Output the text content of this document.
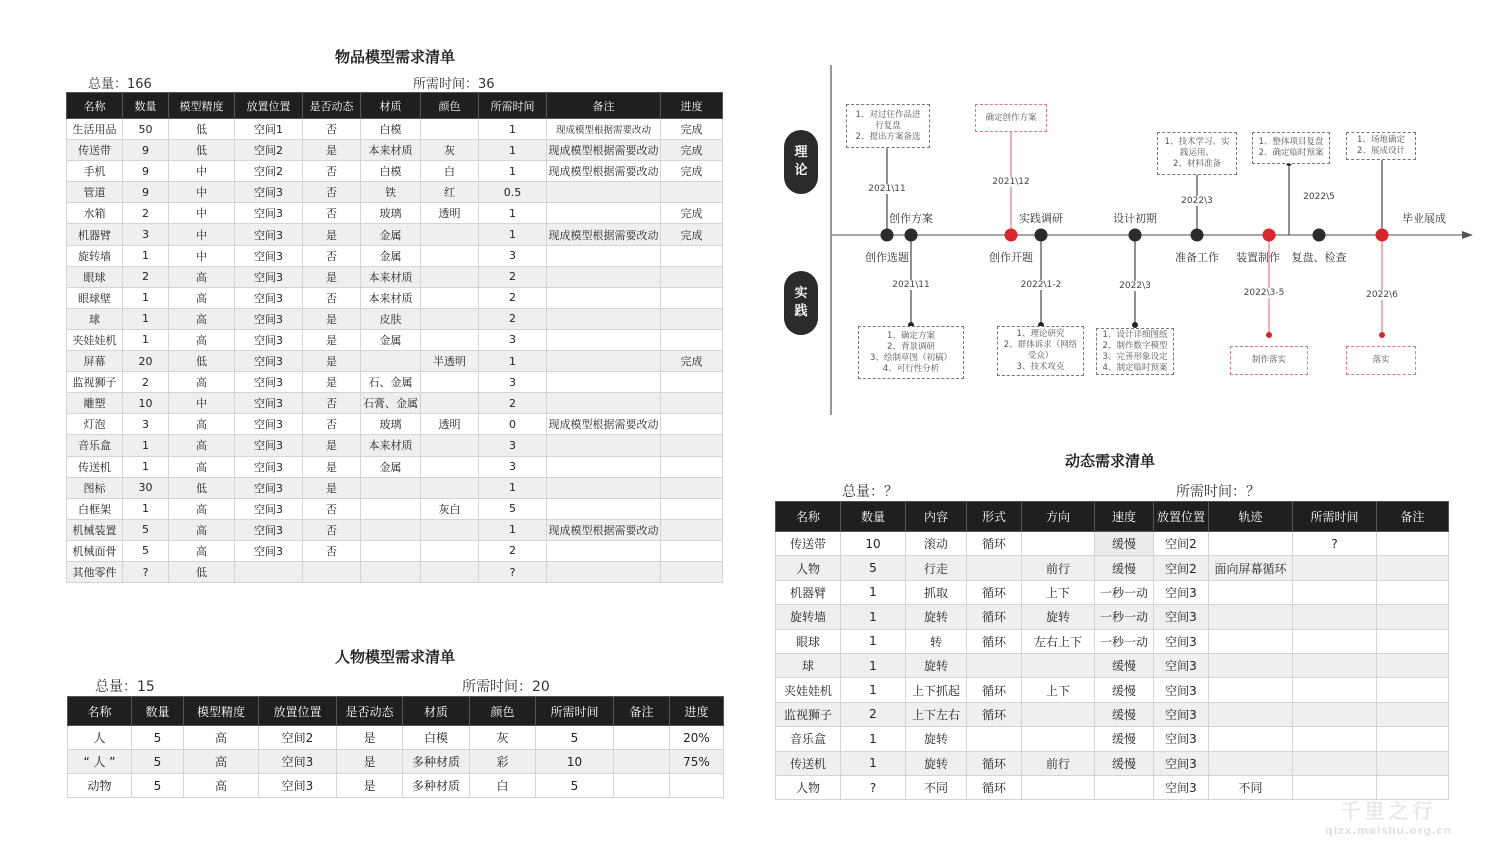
物品模型需求清单
总量：166	所需时间：36
名称	数量	模型精度	放置位置	是否动态	材质	颜色	所需时间	备注	进度
生活用品	50	低	空间1	否	白模		1	现成模型根据需要改动	完成
传送带	9	低	空间2	是	本来材质	灰	1	现成模型根据需要改动	完成
手机	9	中	空间2	否	白模	白	1	现成模型根据需要改动	完成
管道	9	中	空间3	否	铁	红	0.5		
水箱	2	中	空间3	否	玻璃	透明	1		完成
机器臂	3	中	空间3	是	金属		1	现成模型根据需要改动	完成
旋转墙	1	中	空间3	否	金属		3		
眼球	2	高	空间3	是	本来材质		2		
眼球壁	1	高	空间3	否	本来材质		2		
球	1	高	空间3	是	皮肤		2		
夹娃娃机	1	高	空间3	是	金属		3		
屏幕	20	低	空间3	是		半透明	1		完成
监视狮子	2	高	空间3	是	石、金属		3		
雕塑	10	中	空间3	否	石膏、金属		2		
灯泡	3	高	空间3	否	玻璃	透明	0	现成模型根据需要改动	
音乐盒	1	高	空间3	是	本来材质		3		
传送机	1	高	空间3	是	金属		3		
图标	30	低	空间3	是			1		
白框架	1	高	空间3	否		灰白	5		
机械装置	5	高	空间3	否			1	现成模型根据需要改动	
机械面骨	5	高	空间3	否			2		
其他零件	?	低					?		
人物模型需求清单
总量：15	所需时间：20
名称	数量	模型精度	放置位置	是否动态	材质	颜色	所需时间	备注	进度
人	5	高	空间2	是	白模	灰	5		20%
“ 人 ”	5	高	空间3	是	多种材质	彩	10		75%
动物	5	高	空间3	是	多种材质	白	5		
动态需求清单
总量：？	所需时间：？
名称	数量	内容	形式	方向	速度	放置位置	轨迹	所需时间	备注
传送带	10	滚动	循环		缓慢	空间2		?	
人物	5	行走		前行	缓慢	空间2	面向屏幕循环		
机器臂	1	抓取	循环	上下	一秒一动	空间3			
旋转墙	1	旋转	循环	旋转	一秒一动	空间3			
眼球	1	转	循环	左右上下	一秒一动	空间3			
球	1	旋转			缓慢	空间3			
夹娃娃机	1	上下抓起	循环	上下	缓慢	空间3			
监视狮子	2	上下左右	循环		缓慢	空间3			
音乐盒	1	旋转			缓慢	空间3			
传送机	1	旋转	循环	前行	缓慢	空间3			
人物	?	不同	循环			空间3	不同		
理
论
实
践
创作方案	实践调研	设计初期	毕业展成
创作选题	创作开题	准备工作 装置制作 复盘、检查
2021\11
2021\12
2022\3	2022\5
2021\11	2022\1-2	2022\3
2022\3-5	2022\6
1、对过往作品进
行复盘
2、提出方案备选
确定创作方案
1、技术学习、实
践运用、
2、材料准备
1、整体项目复盘
2、确定临时预案
1、场地确定
2、展成设计
1、确定方案
2、背景调研
3、绘制草图（初稿）
4、可行性分析
1、理论研究
2、群体诉求（网络
受众）
3、技术攻克
1、设计详细图纸
2、制作数字模型
3、完善形象设定
4、制定临时预案
制作落实	落实
千里之行
qizx.meishu.org.cn
